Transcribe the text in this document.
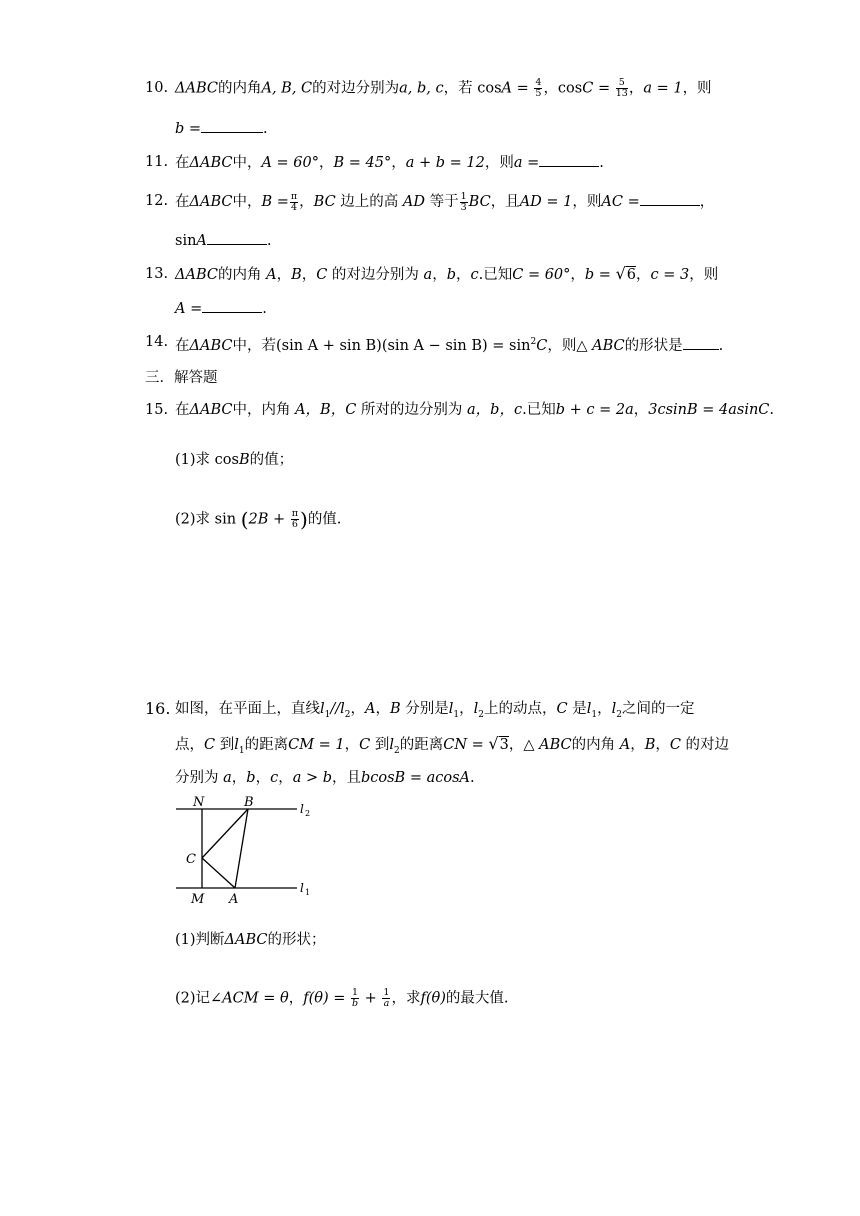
10. ΔABC的内角A, B, C的对边分别为a, b, c，若 $\cos A = \frac{4}{5}$ ，$\cos C = \frac{5}{13}$ ，a = 1，则
b =	.
11. 在ΔABC中，A = 60°，B = 45°，a + b = 12，则a =	.
12. 在ΔABC中，$B = \frac{\pi}{4}$ ，BC 边上的高 AD 等于 $\frac{1}{3}$ BC，且AD = 1，则AC =	，
sinA	.
13. ΔABC的内角 A，B，C 的对边分别为 a，b，c.已知C = 60°，b = √6，c = 3，则
A =	.
14. 在ΔABC中，若(sin A + sin B)(sin $A - \sin B) = \sin^2C$，则△ ABC的形状是 .
三．解答题
15. 在ΔABC中，内角 A，B，C 所对的边分别为 a，b，c.已知b + c = 2a，3csinB = 4asinC.
(1)求 cosB的值；
(2)求 $\sin (2B + \frac{\pi}{6}$ )的值.
16. 如图，在平面上，直线$l_1//l_2$，A，B 分别是$l_1$，$l_2$上的动点，C 是$l_1$，$l_2$之间的一定
点，C 到$l_1$的距离CM = 1，C 到$l_2$的距离CN = √3，△ ABC的内角 A，B，C 的对边
分别为 a，b，c，a > b，且bcosB = acosA.
N	B
C
M A
l 2
l 1
(1)判断ΔABC的形状；
(2)记∠ACM = θ，$f(\theta) = \frac{1}{b} + \frac{1}{a}$，求f(θ)的最大值.
